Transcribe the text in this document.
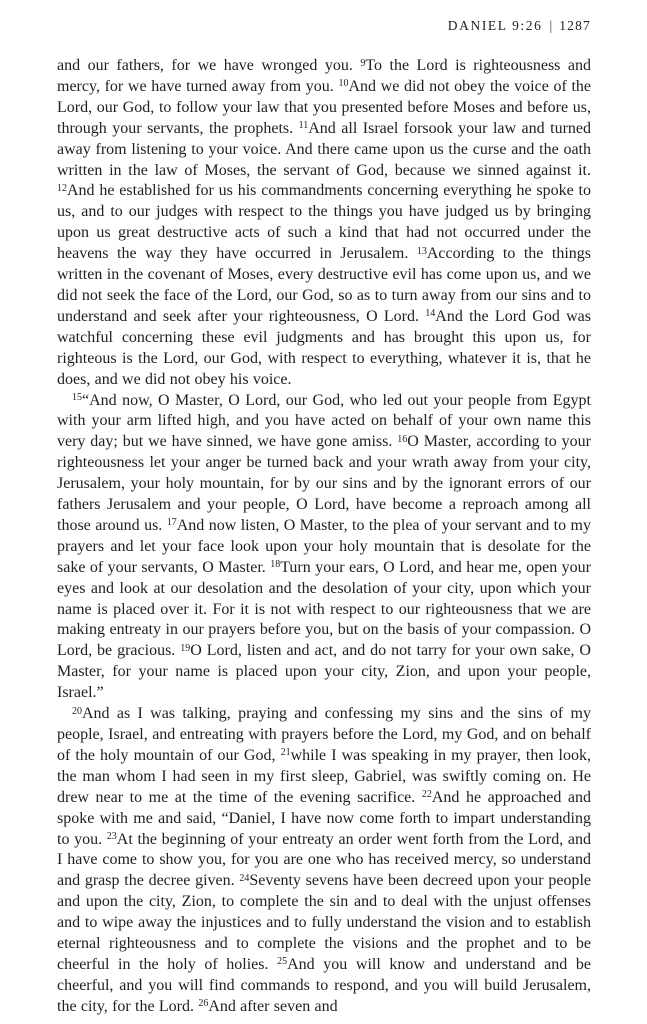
DANIEL 9:26 | 1287

and our fathers, for we have wronged you. $^9$To the Lord is righteousness and mercy, for we have turned away from you. $^{10}$And we did not obey the voice of the Lord, our God, to follow your law that you presented before Moses and before us, through your servants, the prophets. $^{11}$And all Israel forsook your law and turned away from listening to your voice. And there came upon us the curse and the oath written in the law of Moses, the servant of God, because we sinned against it. $^{12}$And he established for us his commandments concerning everything he spoke to us, and to our judges with respect to the things you have judged us by bringing upon us great destructive acts of such a kind that had not occurred under the heavens the way they have occurred in Jerusalem. $^{13}$According to the things written in the covenant of Moses, every destructive evil has come upon us, and we did not seek the face of the Lord, our God, so as to turn away from our sins and to understand and seek after your righteousness, O Lord. $^{14}$And the Lord God was watchful concerning these evil judgments and has brought this upon us, for righteous is the Lord, our God, with respect to everything, whatever it is, that he does, and we did not obey his voice.

$^{15}$“And now, O Master, O Lord, our God, who led out your people from Egypt with your arm lifted high, and you have acted on behalf of your own name this very day; but we have sinned, we have gone amiss. $^{16}$O Master, according to your righteousness let your anger be turned back and your wrath away from your city, Jerusalem, your holy mountain, for by our sins and by the ignorant errors of our fathers Jerusalem and your people, O Lord, have become a reproach among all those around us. $^{17}$And now listen, O Master, to the plea of your servant and to my prayers and let your face look upon your holy mountain that is desolate for the sake of your servants, O Master. $^{18}$Turn your ears, O Lord, and hear me, open your eyes and look at our desolation and the desolation of your city, upon which your name is placed over it. For it is not with respect to our righteousness that we are making entreaty in our prayers before you, but on the basis of your compassion. O Lord, be gracious. $^{19}$O Lord, listen and act, and do not tarry for your own sake, O Master, for your name is placed upon your city, Zion, and upon your people, Israel.”

$^{20}$And as I was talking, praying and confessing my sins and the sins of my people, Israel, and entreating with prayers before the Lord, my God, and on behalf of the holy mountain of our God, $^{21}$while I was speaking in my prayer, then look, the man whom I had seen in my first sleep, Gabriel, was swiftly coming on. He drew near to me at the time of the evening sacrifice. $^{22}$And he approached and spoke with me and said, “Daniel, I have now come forth to impart understanding to you. $^{23}$At the beginning of your entreaty an order went forth from the Lord, and I have come to show you, for you are one who has received mercy, so understand and grasp the decree given. $^{24}$Seventy sevens have been decreed upon your people and upon the city, Zion, to complete the sin and to deal with the unjust offenses and to wipe away the injustices and to fully understand the vision and to establish eternal righteousness and to complete the visions and the prophet and to be cheerful in the holy of holies. $^{25}$And you will know and understand and be cheerful, and you will find commands to respond, and you will build Jerusalem, the city, for the Lord. $^{26}$And after seven and
